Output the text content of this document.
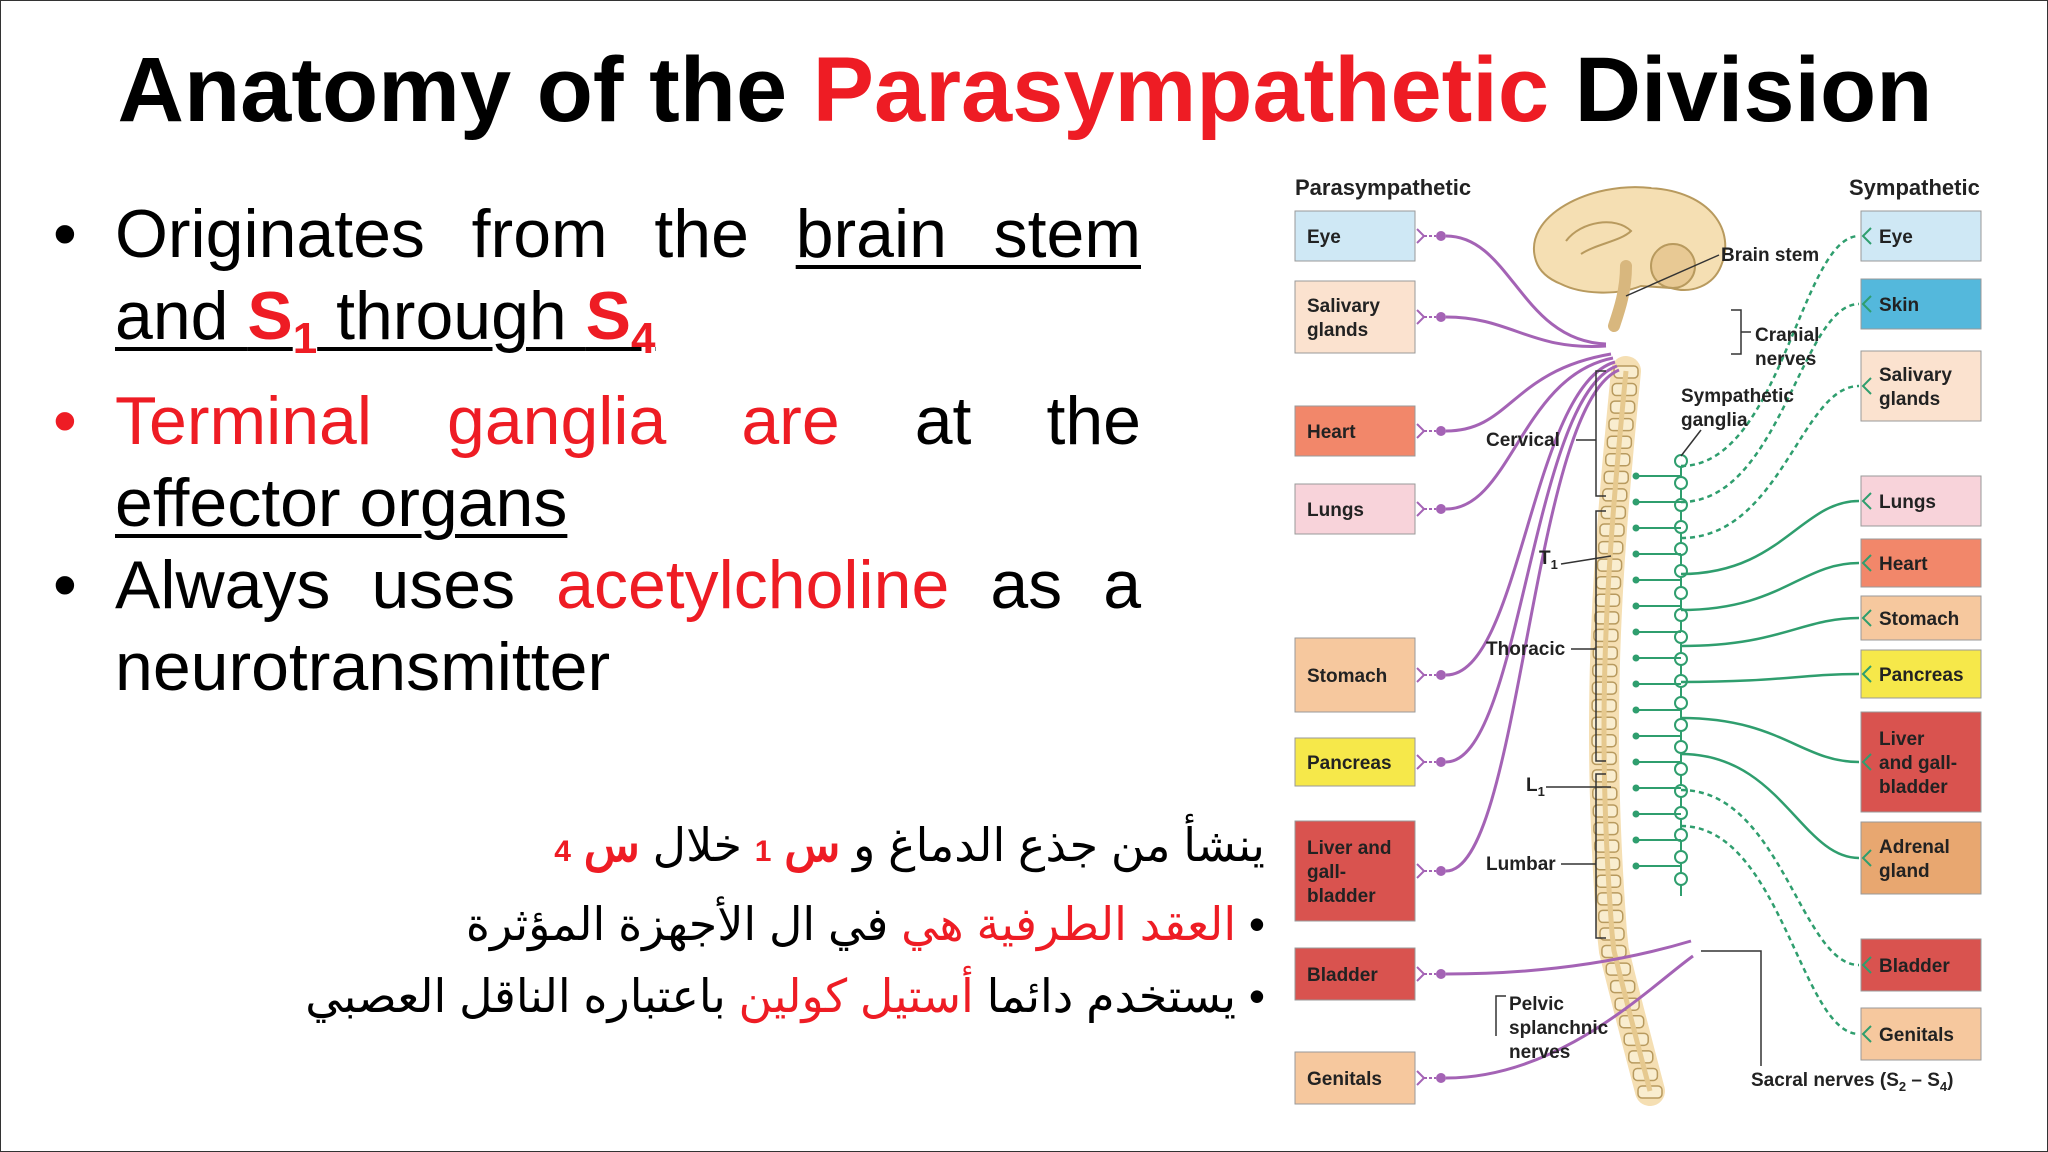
Anatomy of the Parasympathetic Division
• Originates from the brain stem and $S_1$ through $S_4$
• Terminal ganglia are at the effector organs
• Always uses acetylcholine as a neurotransmitter
ينشأ من جذع الدماغ و س 1 خلال س 4
• العقد الطرفية هي في ال الأجهزة المؤثرة
• يستخدم دائما أستيل كولين باعتباره الناقل العصبي
Parasympathetic	Sympathetic
Eye
Salivary glands
Heart
Lungs
Stomach
Pancreas
Liver and gall-bladder
Bladder
Genitals
Eye
Skin
Salivary glands
Lungs
Heart
Stomach
Pancreas
Liver and gall-bladder
Adrenal gland
Bladder
Genitals
Cervical
Thoracic
Lumbar
$T_1$
$L_1$
Brain stem
Cranial nerves
Sympathetic ganglia
Pelvic splanchnic nerves
Sacral nerves $(S_2 - S_4)$
